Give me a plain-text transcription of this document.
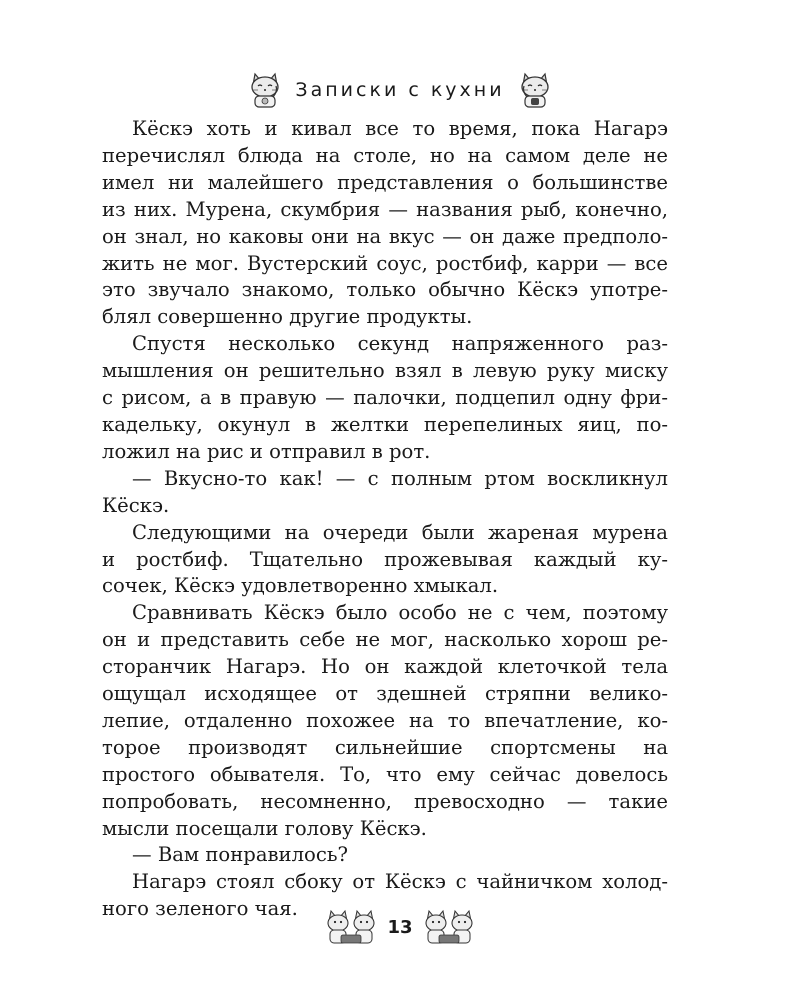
Записки с кухни

Кёскэ хоть и кивал все то время, пока Нагарэ
перечислял блюда на столе, но на самом деле не
имел ни малейшего представления о большинстве
из них. Мурена, скумбрия — названия рыб, конечно,
он знал, но каковы они на вкус — он даже предполо-
жить не мог. Вустерский соус, ростбиф, карри — все
это звучало знакомо, только обычно Кёскэ употре-
блял совершенно другие продукты.

Спустя несколько секунд напряженного раз-
мышления он решительно взял в левую руку миску
с рисом, а в правую — палочки, подцепил одну фри-
кадельку, окунул в желтки перепелиных яиц, по-
ложил на рис и отправил в рот.

— Вкусно-то как! — с полным ртом воскликнул
Кёскэ.

Следующими на очереди были жареная мурена
и ростбиф. Тщательно прожевывая каждый ку-
сочек, Кёскэ удовлетворенно хмыкал.

Сравнивать Кёскэ было особо не с чем, поэтому
он и представить себе не мог, насколько хорош ре-
сторанчик Нагарэ. Но он каждой клеточкой тела
ощущал исходящее от здешней стряпни велико-
лепие, отдаленно похожее на то впечатление, ко-
торое производят сильнейшие спортсмены на
простого обывателя. То, что ему сейчас довелось
попробовать, несомненно, превосходно — такие
мысли посещали голову Кёскэ.

— Вам понравилось?

Нагарэ стоял сбоку от Кёскэ с чайничком холод-
ного зеленого чая.

13
